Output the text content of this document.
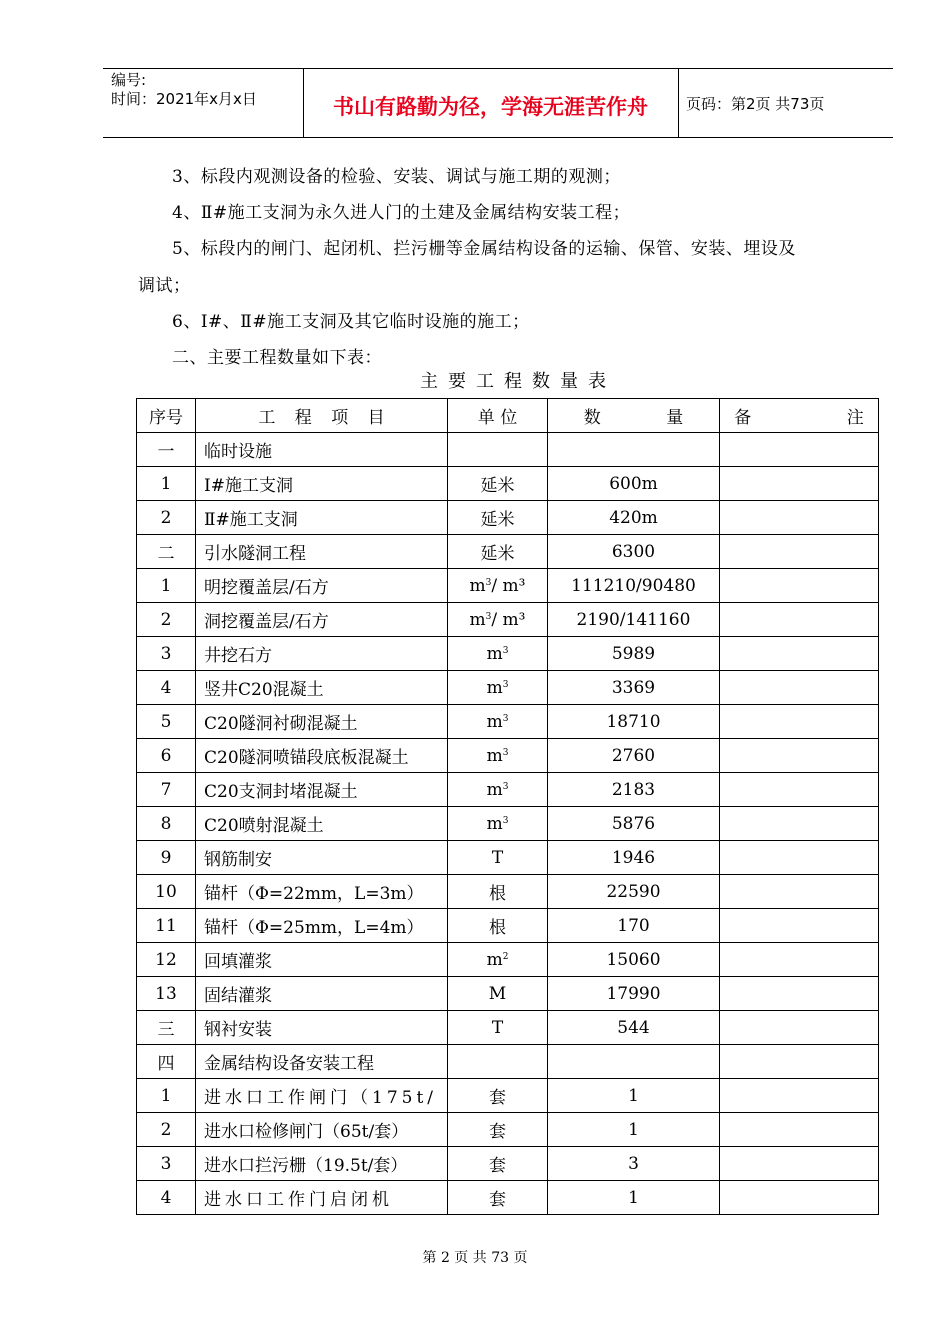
编号:
时间：2021年x月x日	书山有路勤为径，学海无涯苦作舟	页码：第2页 共73页
3、标段内观测设备的检验、安装、调试与施工期的观测；
4、Ⅱ#施工支洞为永久进人门的土建及金属结构安装工程；
5、标段内的闸门、起闭机、拦污栅等金属结构设备的运输、保管、安装、埋设及
调试；
6、Ⅰ#、Ⅱ#施工支洞及其它临时设施的施工；
二、主要工程数量如下表：
主要工程数量表
序号	工 程 项 目	单 位	数 量	备 注
一	临时设施			
1	Ⅰ#施工支洞	延米	600m	
2	Ⅱ#施工支洞	延米	420m	
二	引水隧洞工程	延米	6300	
1	明挖覆盖层/石方	$m^3/$ m³	111210/90480	
2	洞挖覆盖层/石方	$m^3/$ m³	2190/141160	
3	井挖石方	$m^3$	5989	
4	竖井C20混凝土	$m^3$	3369	
5	C20隧洞衬砌混凝土	$m^3$	18710	
6	C20隧洞喷锚段底板混凝土	$m^3$	2760	
7	C20支洞封堵混凝土	$m^3$	2183	
8	C20喷射混凝土	$m^3$	5876	
9	钢筋制安	T	1946	
10	锚杆（Φ=22mm，L=3m）	根	22590	
11	锚杆（Φ=25mm，L=4m）	根	170	
12	回填灌浆	$m^2$	15060	
13	固结灌浆	M	17990	
三	钢衬安装	T	544	
四	金属结构设备安装工程			
1	进水口工作闸门（175t/	套	1	
2	进水口检修闸门（65t/套）	套	1	
3	进水口拦污栅（19.5t/套）	套	3	
4	进水口工作门启闭机	套	1	
第 2 页 共 73 页
